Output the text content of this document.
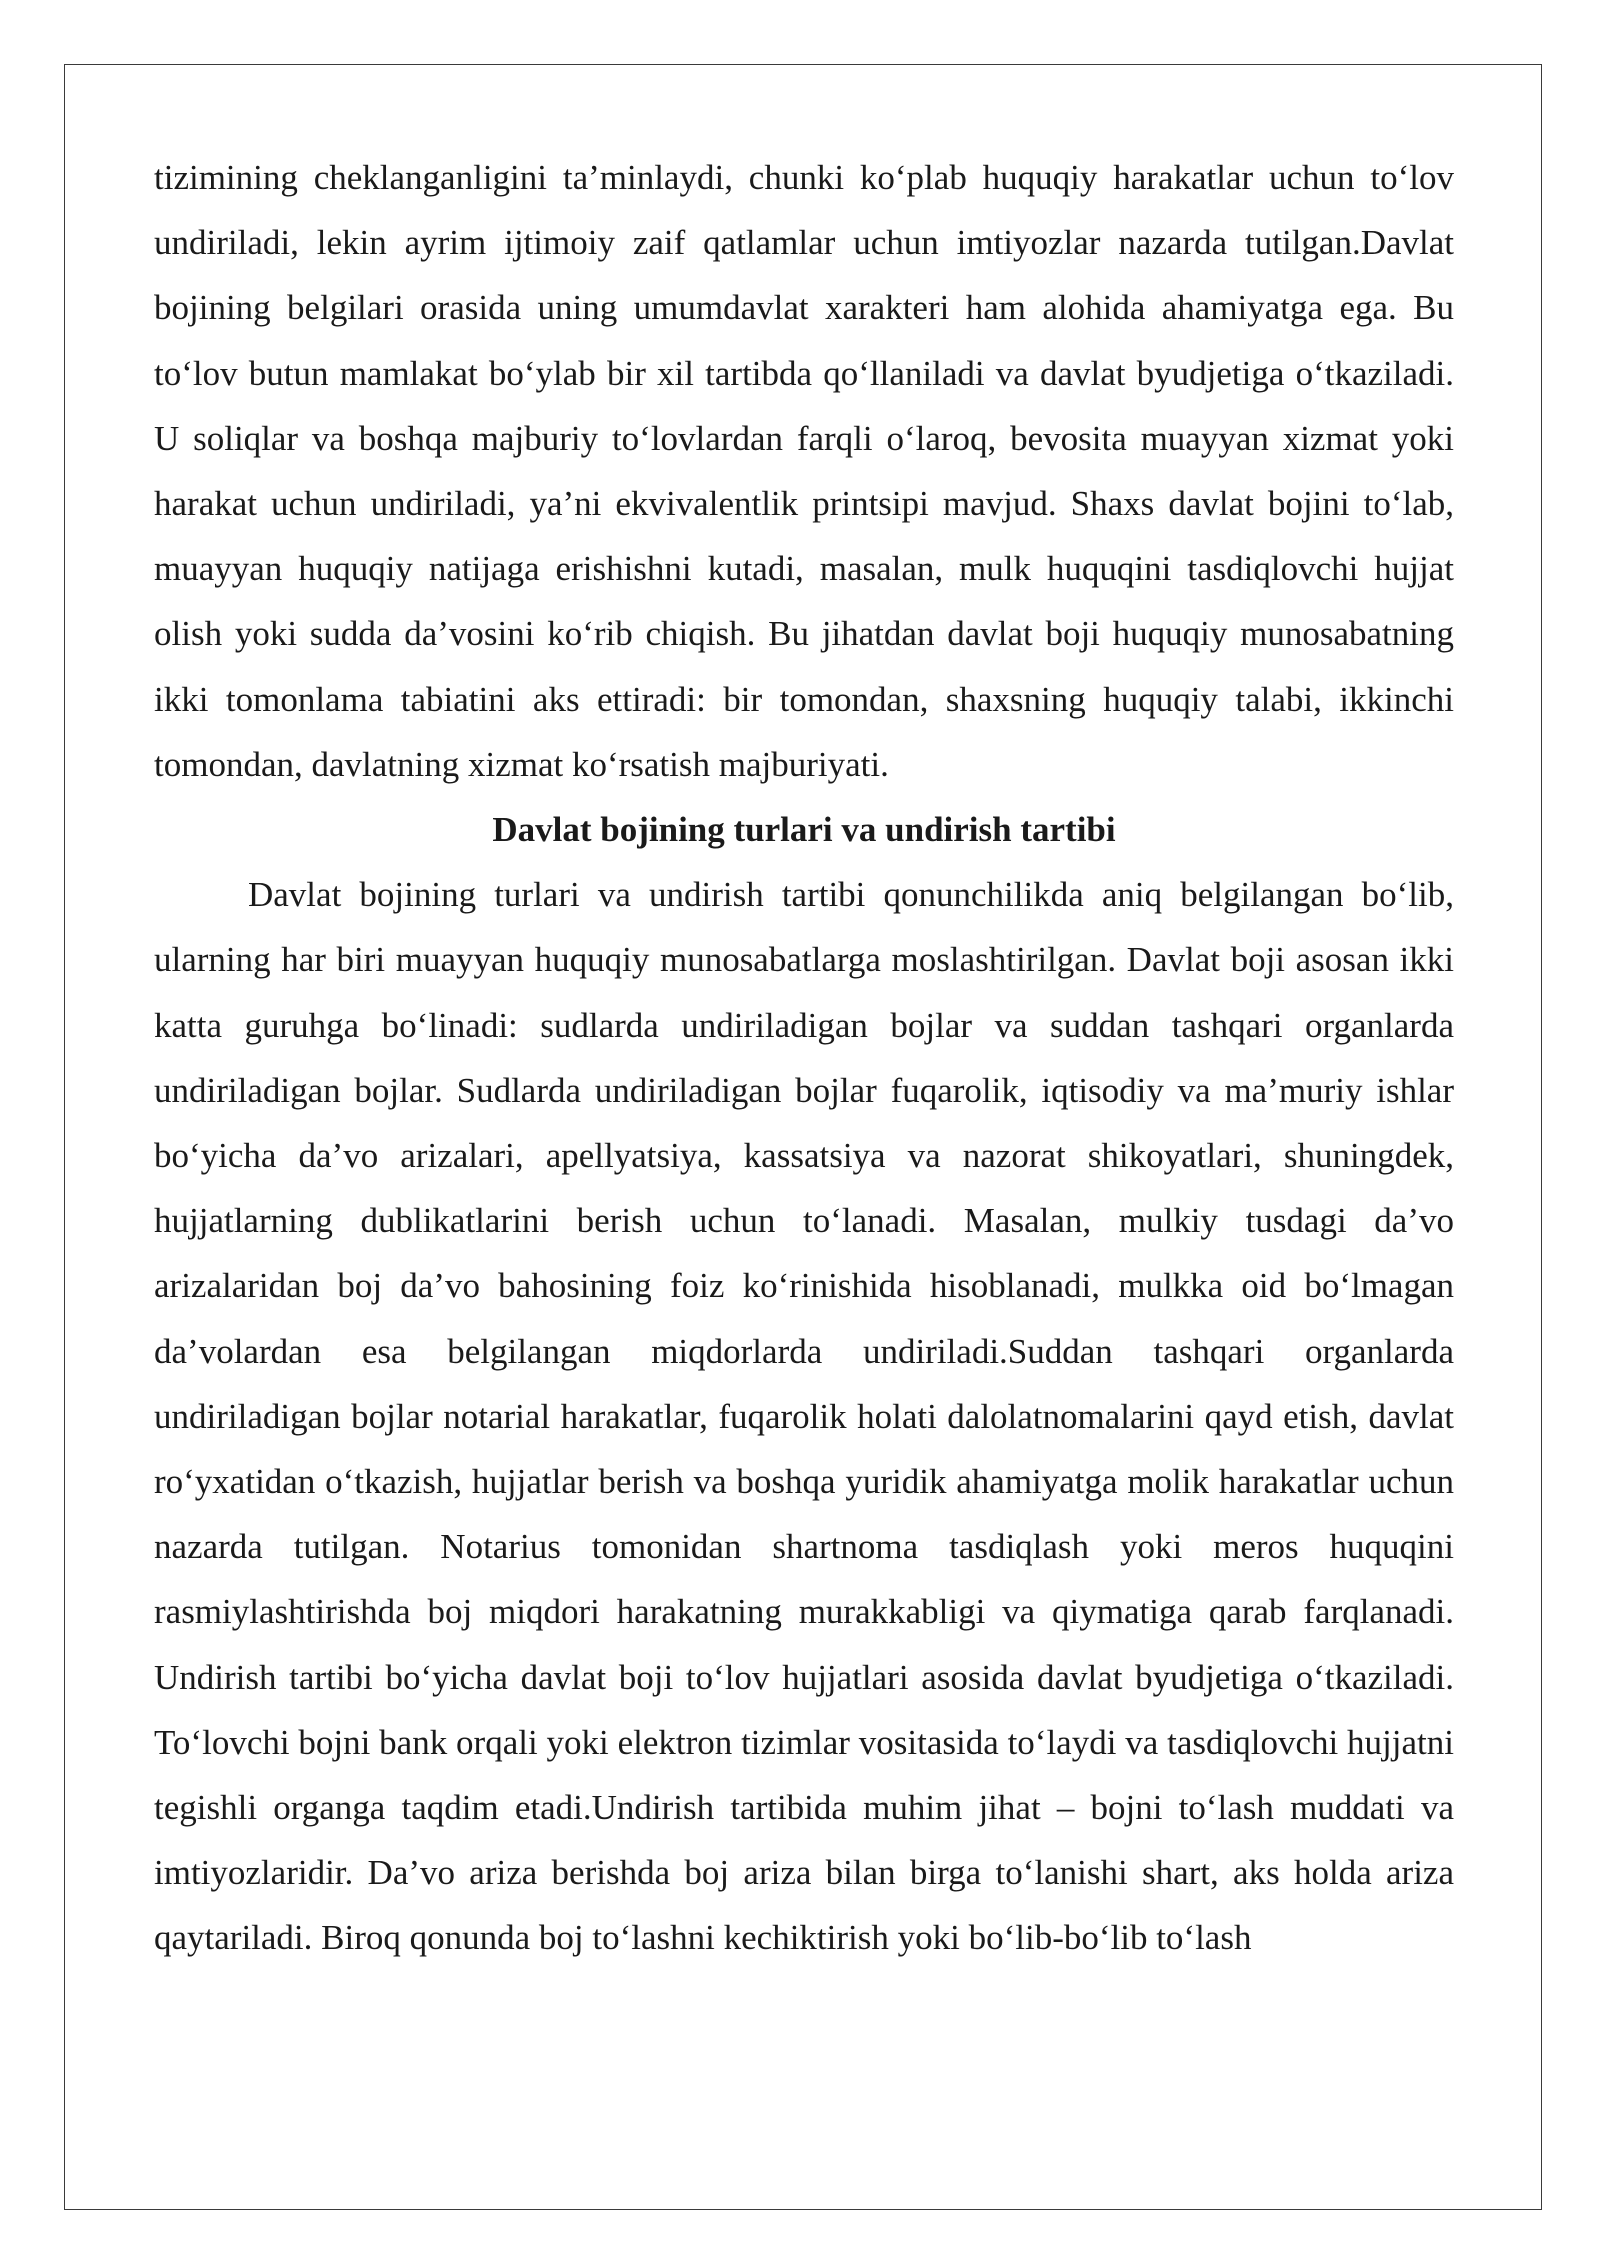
tizimining cheklanganligini ta’minlaydi, chunki ko‘plab huquqiy harakatlar uchun to‘lov undiriladi, lekin ayrim ijtimoiy zaif qatlamlar uchun imtiyozlar nazarda tutilgan.Davlat bojining belgilari orasida uning umumdavlat xarakteri ham alohida ahamiyatga ega. Bu to‘lov butun mamlakat bo‘ylab bir xil tartibda qo‘llaniladi va davlat byudjetiga o‘tkaziladi. U soliqlar va boshqa majburiy to‘lovlardan farqli o‘laroq, bevosita muayyan xizmat yoki harakat uchun undiriladi, ya’ni ekvivalentlik printsipi mavjud. Shaxs davlat bojini to‘lab, muayyan huquqiy natijaga erishishni kutadi, masalan, mulk huquqini tasdiqlovchi hujjat olish yoki sudda da’vosini ko‘rib chiqish. Bu jihatdan davlat boji huquqiy munosabatning ikki tomonlama tabiatini aks ettiradi: bir tomondan, shaxsning huquqiy talabi, ikkinchi tomondan, davlatning xizmat ko‘rsatish majburiyati.

Davlat bojining turlari va undirish tartibi

Davlat bojining turlari va undirish tartibi qonunchilikda aniq belgilangan bo‘lib, ularning har biri muayyan huquqiy munosabatlarga moslashtirilgan. Davlat boji asosan ikki katta guruhga bo‘linadi: sudlarda undiriladigan bojlar va suddan tashqari organlarda undiriladigan bojlar. Sudlarda undiriladigan bojlar fuqarolik, iqtisodiy va ma’muriy ishlar bo‘yicha da’vo arizalari, apellyatsiya, kassatsiya va nazorat shikoyatlari, shuningdek, hujjatlarning dublikatlarini berish uchun to‘lanadi. Masalan, mulkiy tusdagi da’vo arizalaridan boj da’vo bahosining foiz ko‘rinishida hisoblanadi, mulkka oid bo‘lmagan da’volardan esa belgilangan miqdorlarda undiriladi.Suddan tashqari organlarda undiriladigan bojlar notarial harakatlar, fuqarolik holati dalolatnomalarini qayd etish, davlat ro‘yxatidan o‘tkazish, hujjatlar berish va boshqa yuridik ahamiyatga molik harakatlar uchun nazarda tutilgan. Notarius tomonidan shartnoma tasdiqlash yoki meros huquqini rasmiylashtirishda boj miqdori harakatning murakkabligi va qiymatiga qarab farqlanadi. Undirish tartibi bo‘yicha davlat boji to‘lov hujjatlari asosida davlat byudjetiga o‘tkaziladi. To‘lovchi bojni bank orqali yoki elektron tizimlar vositasida to‘laydi va tasdiqlovchi hujjatni tegishli organga taqdim etadi.Undirish tartibida muhim jihat – bojni to‘lash muddati va imtiyozlaridir. Da’vo ariza berishda boj ariza bilan birga to‘lanishi shart, aks holda ariza qaytariladi. Biroq qonunda boj to‘lashni kechiktirish yoki bo‘lib-bo‘lib to‘lash
